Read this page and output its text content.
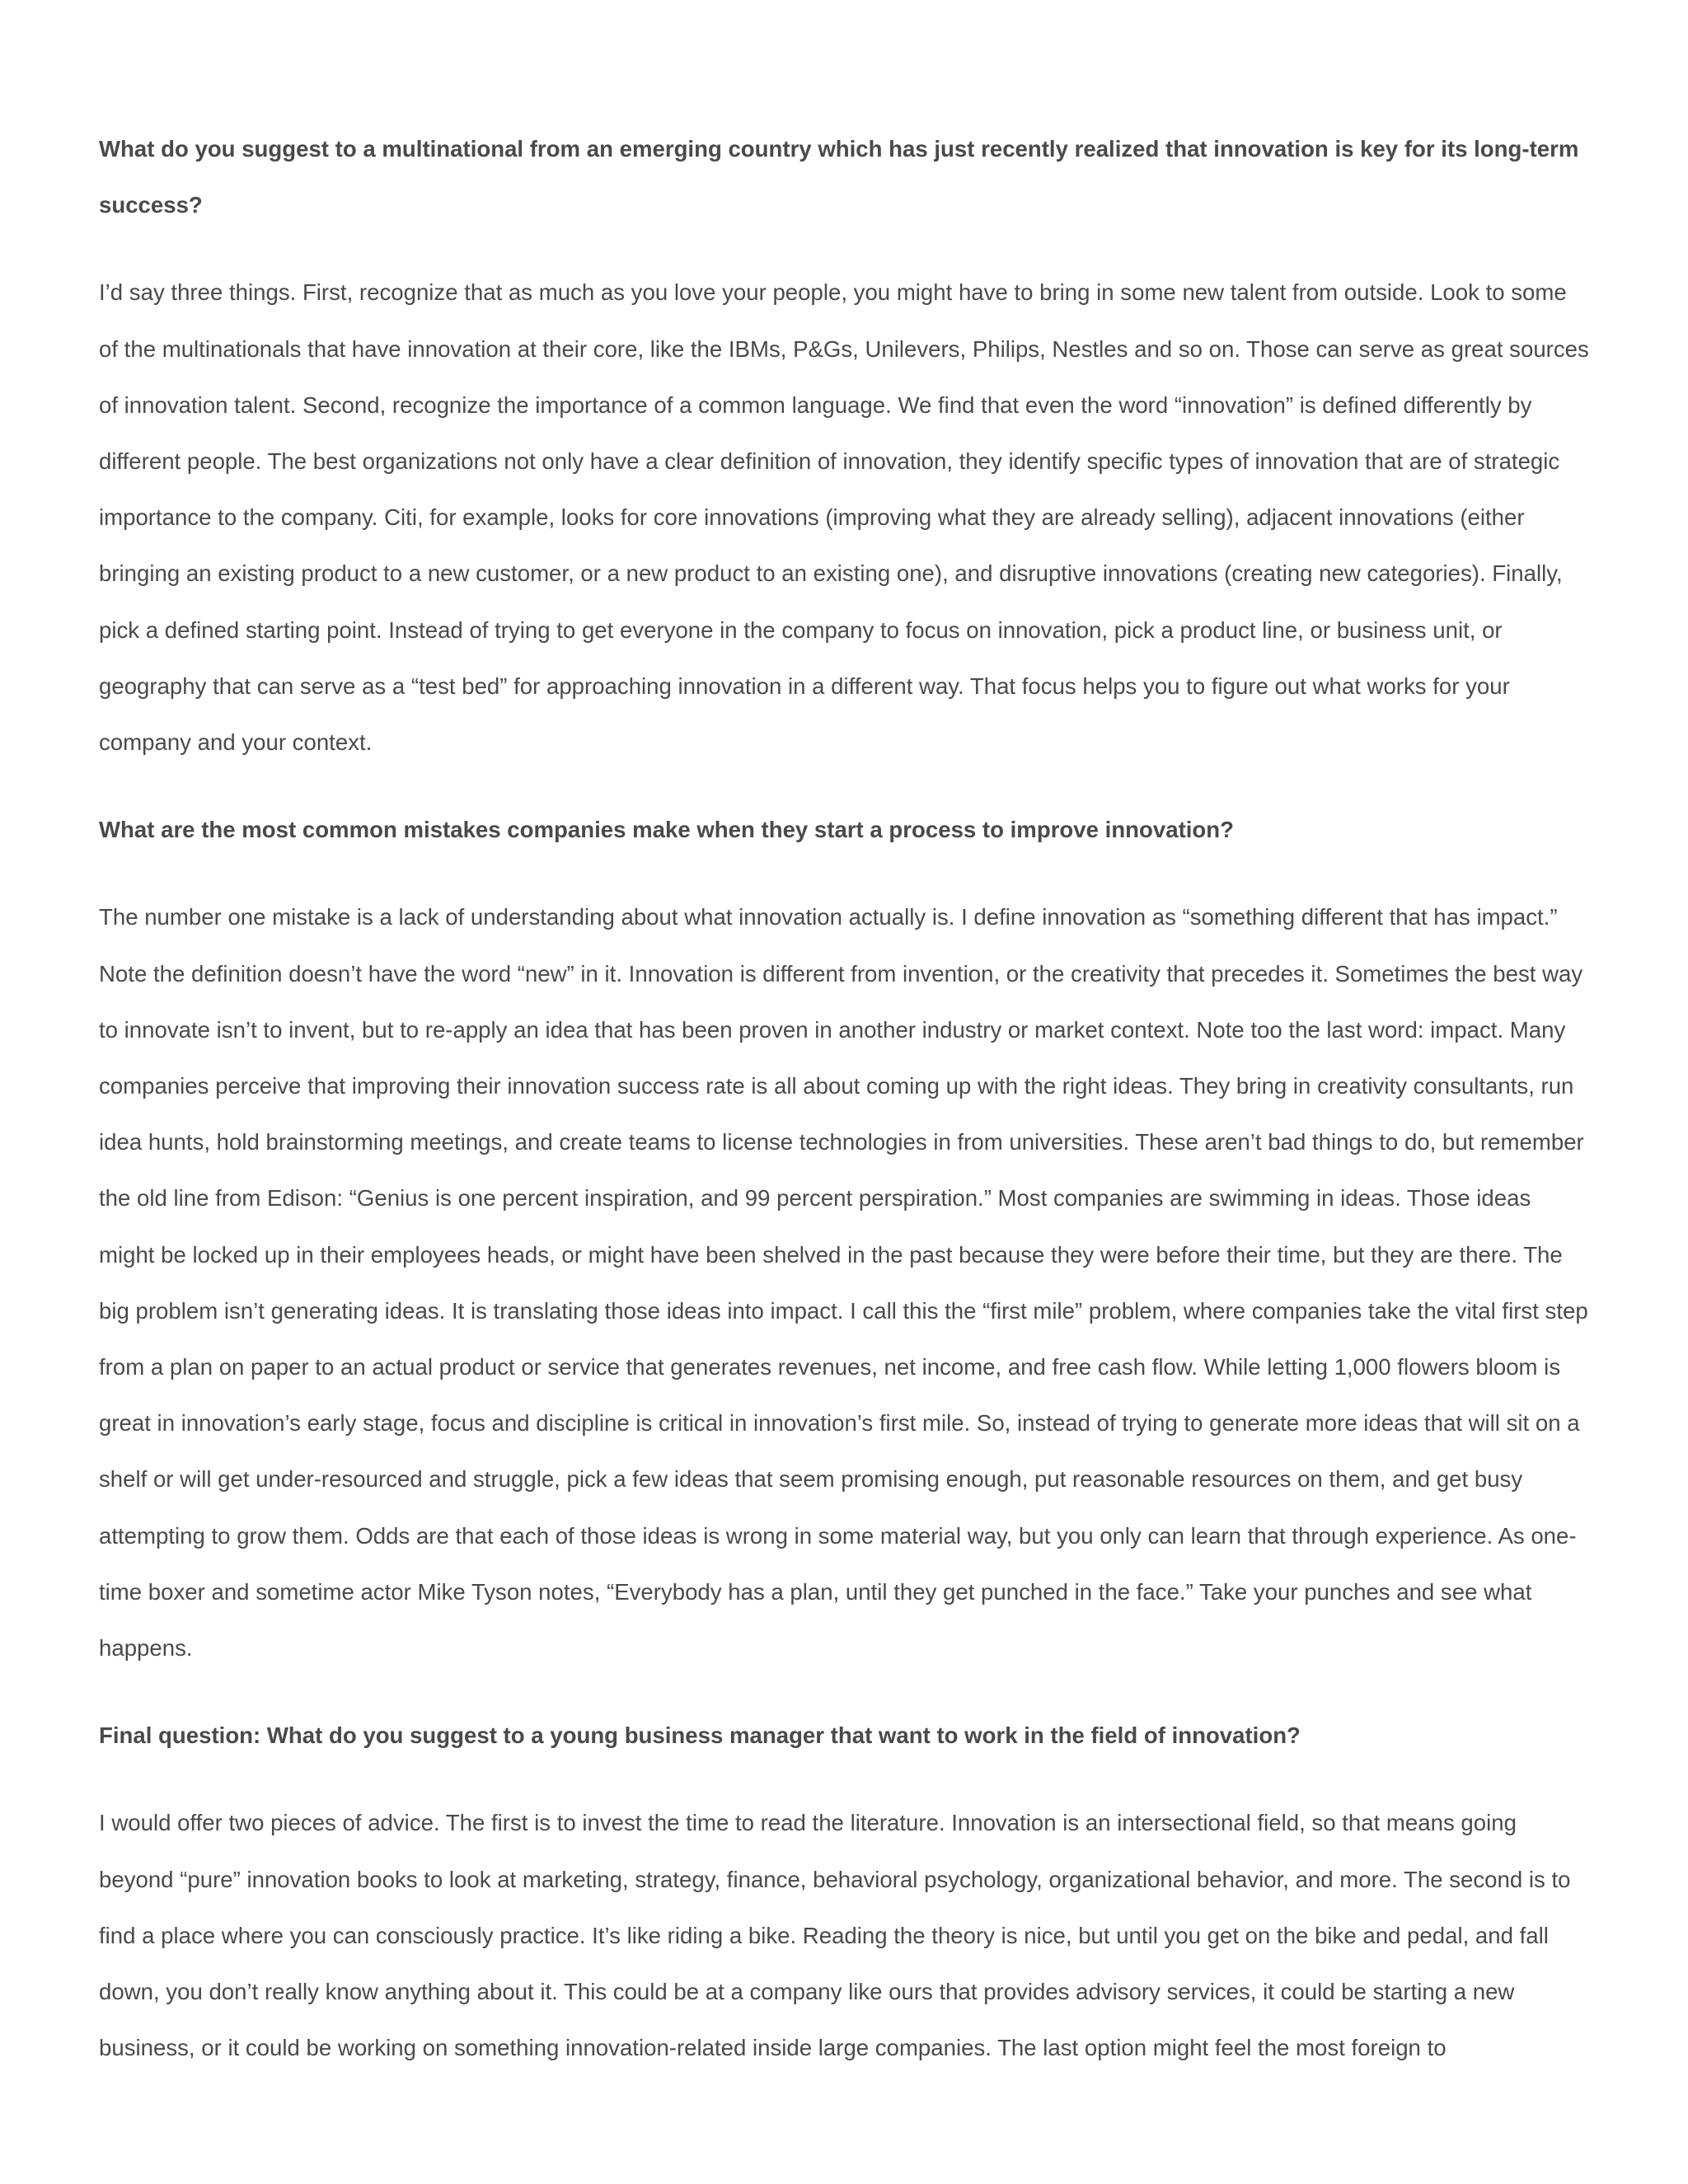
What do you suggest to a multinational from an emerging country which has just recently realized that innovation is key for its long-term success?

I’d say three things. First, recognize that as much as you love your people, you might have to bring in some new talent from outside. Look to some of the multinationals that have innovation at their core, like the IBMs, P&Gs, Unilevers, Philips, Nestles and so on. Those can serve as great sources of innovation talent. Second, recognize the importance of a common language. We find that even the word “innovation” is defined differently by different people. The best organizations not only have a clear definition of innovation, they identify specific types of innovation that are of strategic importance to the company. Citi, for example, looks for core innovations (improving what they are already selling), adjacent innovations (either bringing an existing product to a new customer, or a new product to an existing one), and disruptive innovations (creating new categories). Finally, pick a defined starting point. Instead of trying to get everyone in the company to focus on innovation, pick a product line, or business unit, or geography that can serve as a “test bed” for approaching innovation in a different way. That focus helps you to figure out what works for your company and your context.

What are the most common mistakes companies make when they start a process to improve innovation?

The number one mistake is a lack of understanding about what innovation actually is. I define innovation as “something different that has impact.” Note the definition doesn’t have the word “new” in it. Innovation is different from invention, or the creativity that precedes it. Sometimes the best way to innovate isn’t to invent, but to re-apply an idea that has been proven in another industry or market context. Note too the last word: impact. Many companies perceive that improving their innovation success rate is all about coming up with the right ideas. They bring in creativity consultants, run idea hunts, hold brainstorming meetings, and create teams to license technologies in from universities. These aren’t bad things to do, but remember the old line from Edison: “Genius is one percent inspiration, and 99 percent perspiration.” Most companies are swimming in ideas. Those ideas might be locked up in their employees heads, or might have been shelved in the past because they were before their time, but they are there. The big problem isn’t generating ideas. It is translating those ideas into impact. I call this the “first mile” problem, where companies take the vital first step from a plan on paper to an actual product or service that generates revenues, net income, and free cash flow. While letting 1,000 flowers bloom is great in innovation’s early stage, focus and discipline is critical in innovation’s first mile. So, instead of trying to generate more ideas that will sit on a shelf or will get under-resourced and struggle, pick a few ideas that seem promising enough, put reasonable resources on them, and get busy attempting to grow them. Odds are that each of those ideas is wrong in some material way, but you only can learn that through experience. As one-time boxer and sometime actor Mike Tyson notes, “Everybody has a plan, until they get punched in the face.” Take your punches and see what happens.

Final question: What do you suggest to a young business manager that want to work in the field of innovation?

I would offer two pieces of advice. The first is to invest the time to read the literature. Innovation is an intersectional field, so that means going beyond “pure” innovation books to look at marketing, strategy, finance, behavioral psychology, organizational behavior, and more. The second is to find a place where you can consciously practice. It’s like riding a bike. Reading the theory is nice, but until you get on the bike and pedal, and fall down, you don’t really know anything about it. This could be at a company like ours that provides advisory services, it could be starting a new business, or it could be working on something innovation-related inside large companies. The last option might feel the most foreign to
